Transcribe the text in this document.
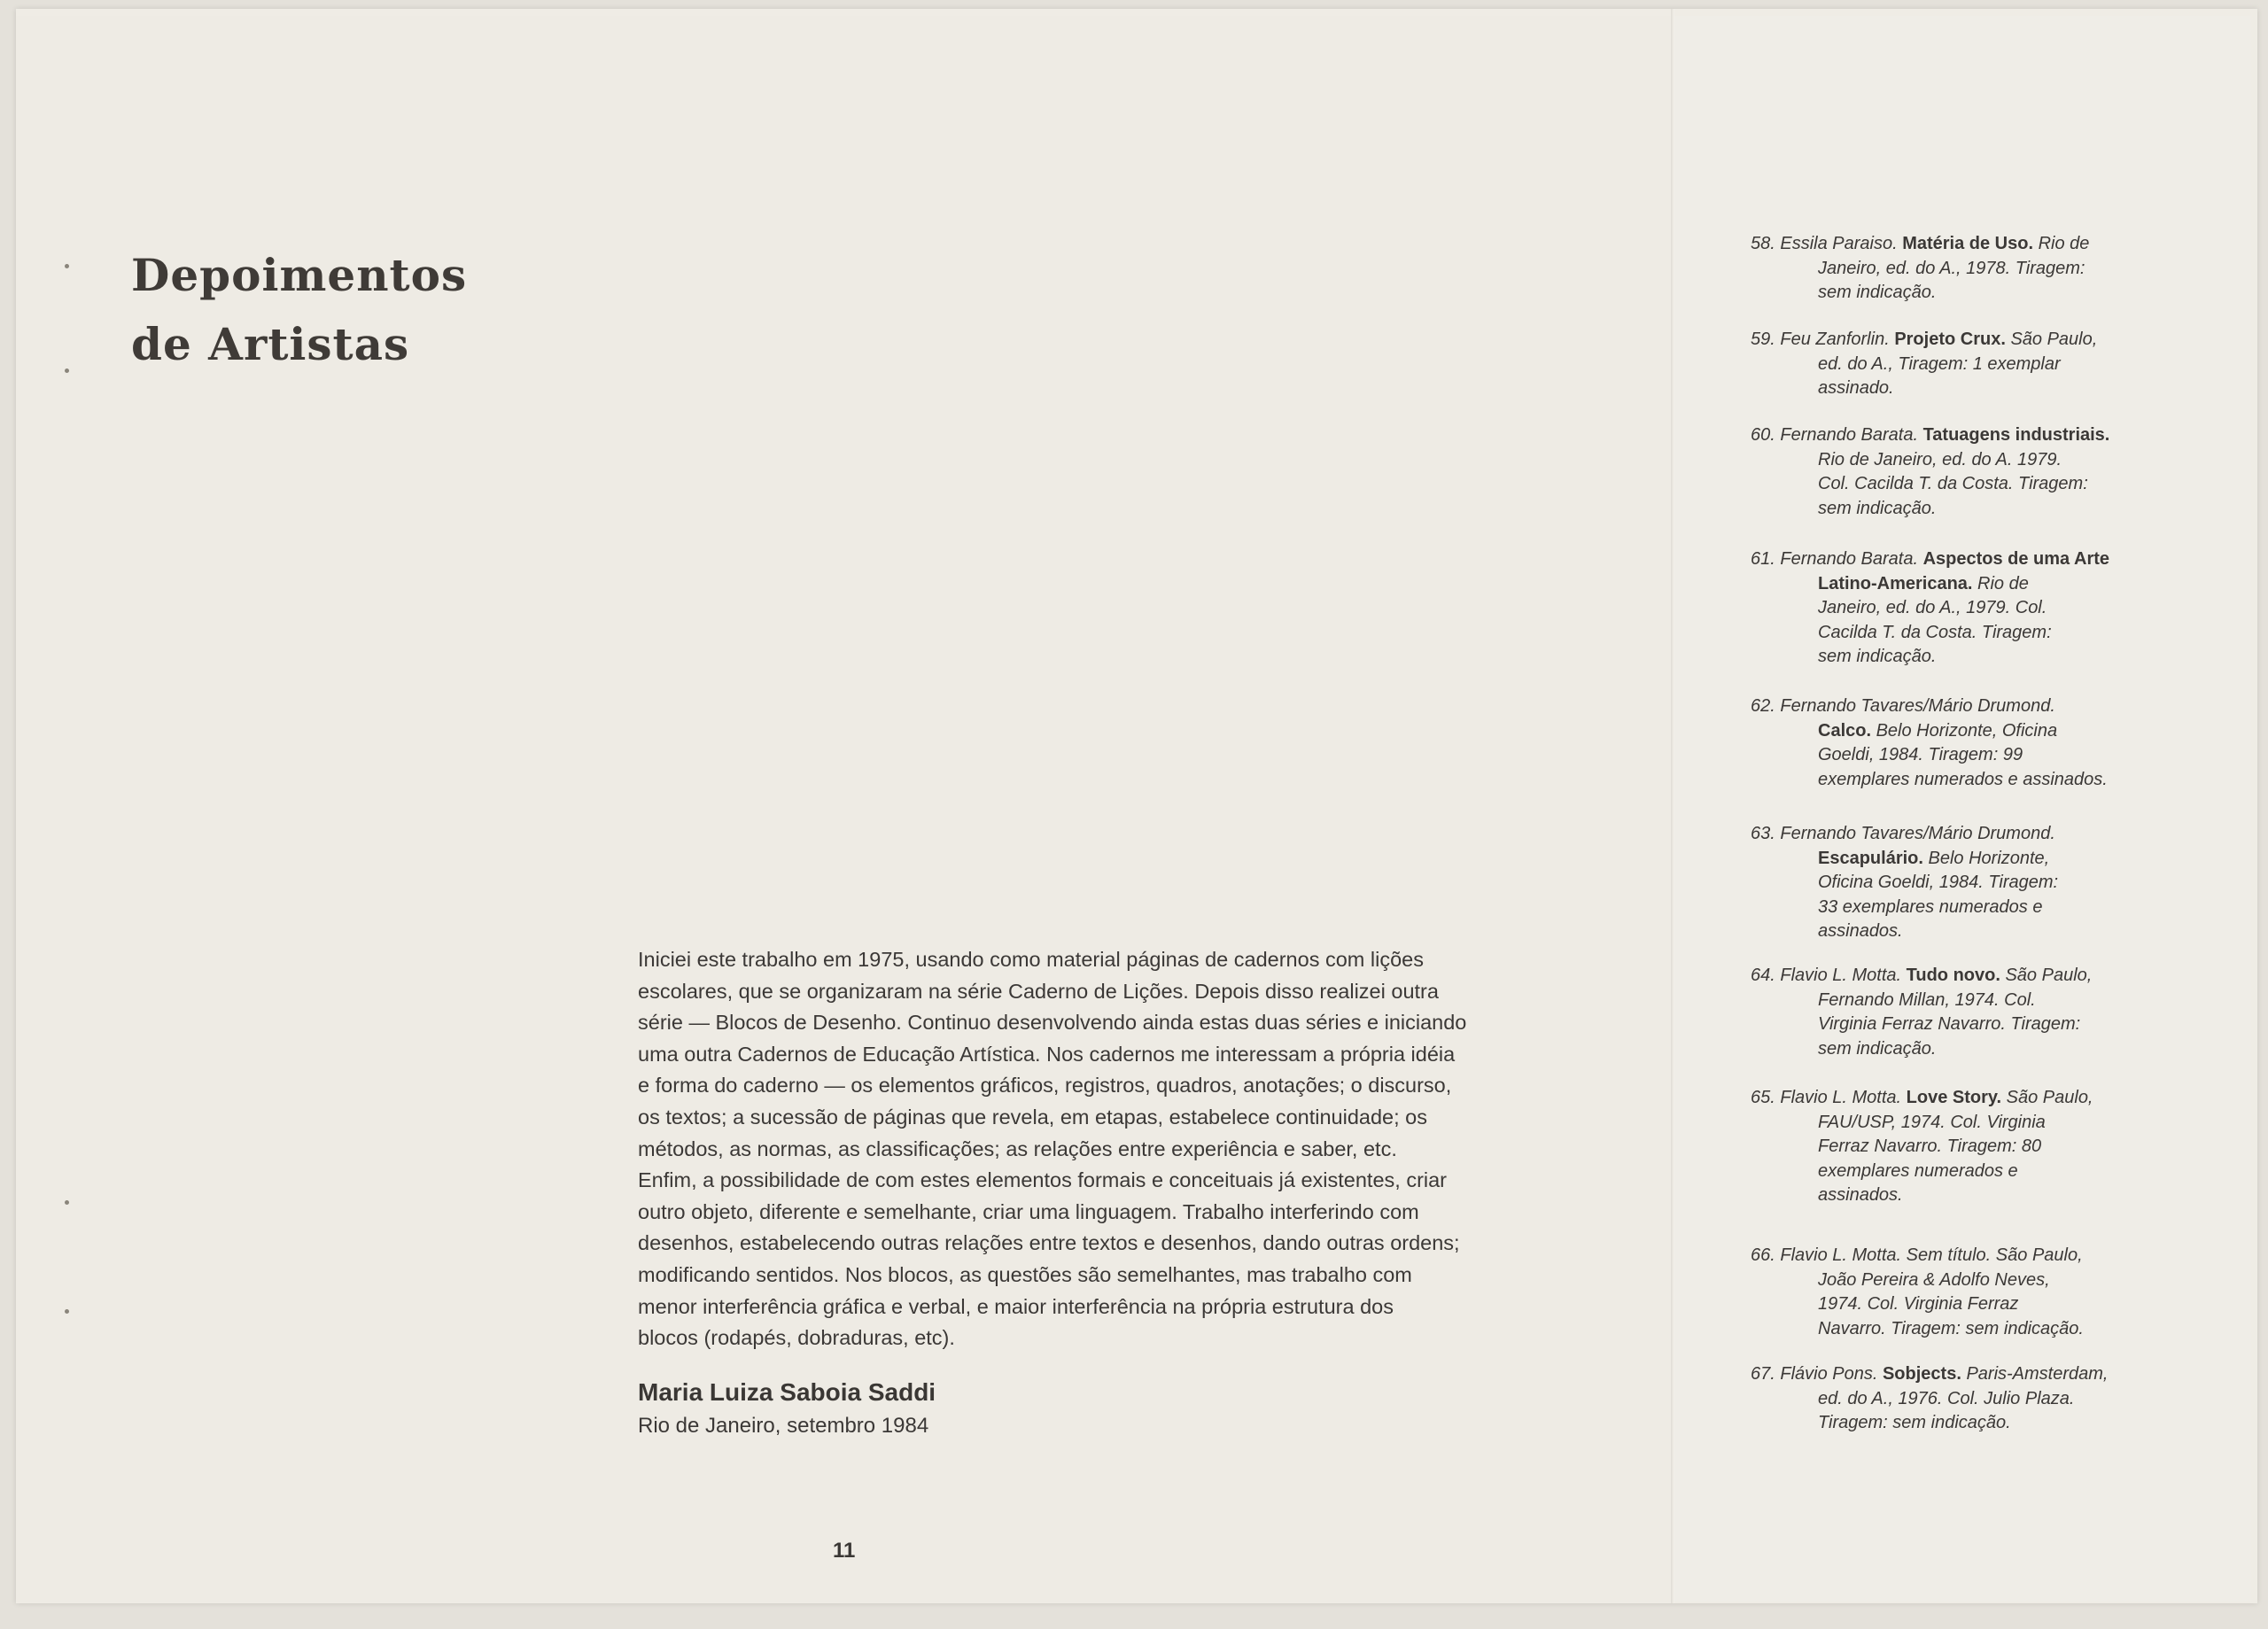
Depoimentos
de Artistas

Iniciei este trabalho em 1975, usando como material páginas de cadernos com lições

escolares, que se organizaram na série Caderno de Lições. Depois disso realizei outra

série — Blocos de Desenho. Continuo desenvolvendo ainda estas duas séries e iniciando

uma outra Cadernos de Educação Artística. Nos cadernos me interessam a própria idéia

e forma do caderno — os elementos gráficos, registros, quadros, anotações; o discurso,

os textos; a sucessão de páginas que revela, em etapas, estabelece continuidade; os

métodos, as normas, as classificações; as relações entre experiência e saber, etc.

Enfim, a possibilidade de com estes elementos formais e conceituais já existentes, criar

outro objeto, diferente e semelhante, criar uma linguagem. Trabalho interferindo com

desenhos, estabelecendo outras relações entre textos e desenhos, dando outras ordens;

modificando sentidos. Nos blocos, as questões são semelhantes, mas trabalho com

menor interferência gráfica e verbal, e maior interferência na própria estrutura dos

blocos (rodapés, dobraduras, etc).

Maria Luiza Saboia Saddi
Rio de Janeiro, setembro 1984
11
58. Essila Paraiso. Matéria de Uso. Rio de
Janeiro, ed. do A., 1978. Tiragem:
sem indicação.
59. Feu Zanforlin. Projeto Crux. São Paulo,
ed. do A., Tiragem: 1 exemplar
assinado.
60. Fernando Barata. Tatuagens industriais.
Rio de Janeiro, ed. do A. 1979.
Col. Cacilda T. da Costa. Tiragem:
sem indicação.
61. Fernando Barata. Aspectos de uma Arte
Latino-Americana. Rio de
Janeiro, ed. do A., 1979. Col.
Cacilda T. da Costa. Tiragem:
sem indicação.
62. Fernando Tavares/Mário Drumond.
Calco. Belo Horizonte, Oficina
Goeldi, 1984. Tiragem: 99
exemplares numerados e assinados.
63. Fernando Tavares/Mário Drumond.
Escapulário. Belo Horizonte,
Oficina Goeldi, 1984. Tiragem:
33 exemplares numerados e
assinados.
64. Flavio L. Motta. Tudo novo. São Paulo,
Fernando Millan, 1974. Col.
Virginia Ferraz Navarro. Tiragem:
sem indicação.
65. Flavio L. Motta. Love Story. São Paulo,
FAU/USP, 1974. Col. Virginia
Ferraz Navarro. Tiragem: 80
exemplares numerados e
assinados.
66. Flavio L. Motta. Sem título. São Paulo,
João Pereira & Adolfo Neves,
1974. Col. Virginia Ferraz
Navarro. Tiragem: sem indicação.
67. Flávio Pons. Sobjects. Paris-Amsterdam,
ed. do A., 1976. Col. Julio Plaza.
Tiragem: sem indicação.
